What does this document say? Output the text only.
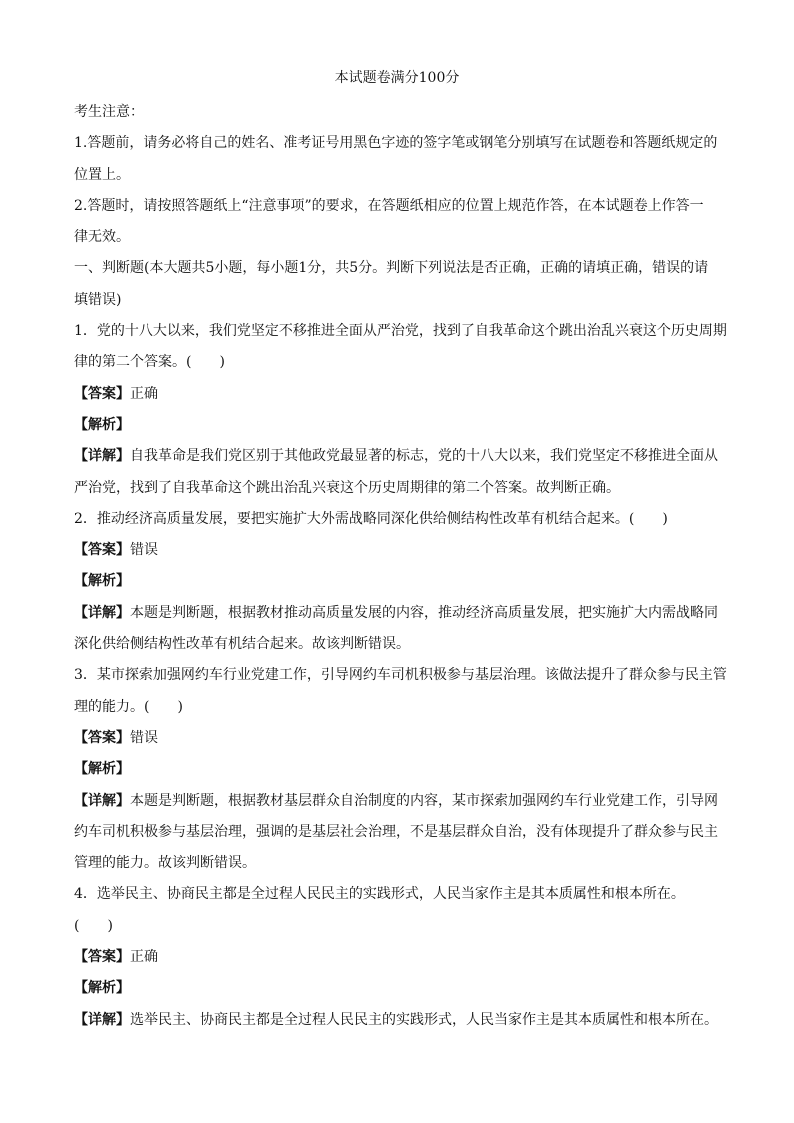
本试题卷满分100分
考生注意：
1.答题前，请务必将自己的姓名、准考证号用黑色字迹的签字笔或钢笔分别填写在试题卷和答题纸规定的
位置上。
2.答题时，请按照答题纸上“注意事项”的要求，在答题纸相应的位置上规范作答，在本试题卷上作答一
律无效。
一、判断题(本大题共5小题，每小题1分，共5分。判断下列说法是否正确，正确的请填正确，错误的请
填错误)
1．党的十八大以来，我们党坚定不移推进全面从严治党，找到了自我革命这个跳出治乱兴衰这个历史周期
律的第二个答案。(　　)
【答案】正确
【解析】
【详解】自我革命是我们党区别于其他政党最显著的标志，党的十八大以来，我们党坚定不移推进全面从
严治党，找到了自我革命这个跳出治乱兴衰这个历史周期律的第二个答案。故判断正确。
2．推动经济高质量发展，要把实施扩大外需战略同深化供给侧结构性改革有机结合起来。(　　)
【答案】错误
【解析】
【详解】本题是判断题，根据教材推动高质量发展的内容，推动经济高质量发展，把实施扩大内需战略同
深化供给侧结构性改革有机结合起来。故该判断错误。
3．某市探索加强网约车行业党建工作，引导网约车司机积极参与基层治理。该做法提升了群众参与民主管
理的能力。(　　)
【答案】错误
【解析】
【详解】本题是判断题，根据教材基层群众自治制度的内容，某市探索加强网约车行业党建工作，引导网
约车司机积极参与基层治理，强调的是基层社会治理，不是基层群众自治，没有体现提升了群众参与民主
管理的能力。故该判断错误。
4．选举民主、协商民主都是全过程人民民主的实践形式，人民当家作主是其本质属性和根本所在。
(　　)
【答案】正确
【解析】
【详解】选举民主、协商民主都是全过程人民民主的实践形式，人民当家作主是其本质属性和根本所在。
